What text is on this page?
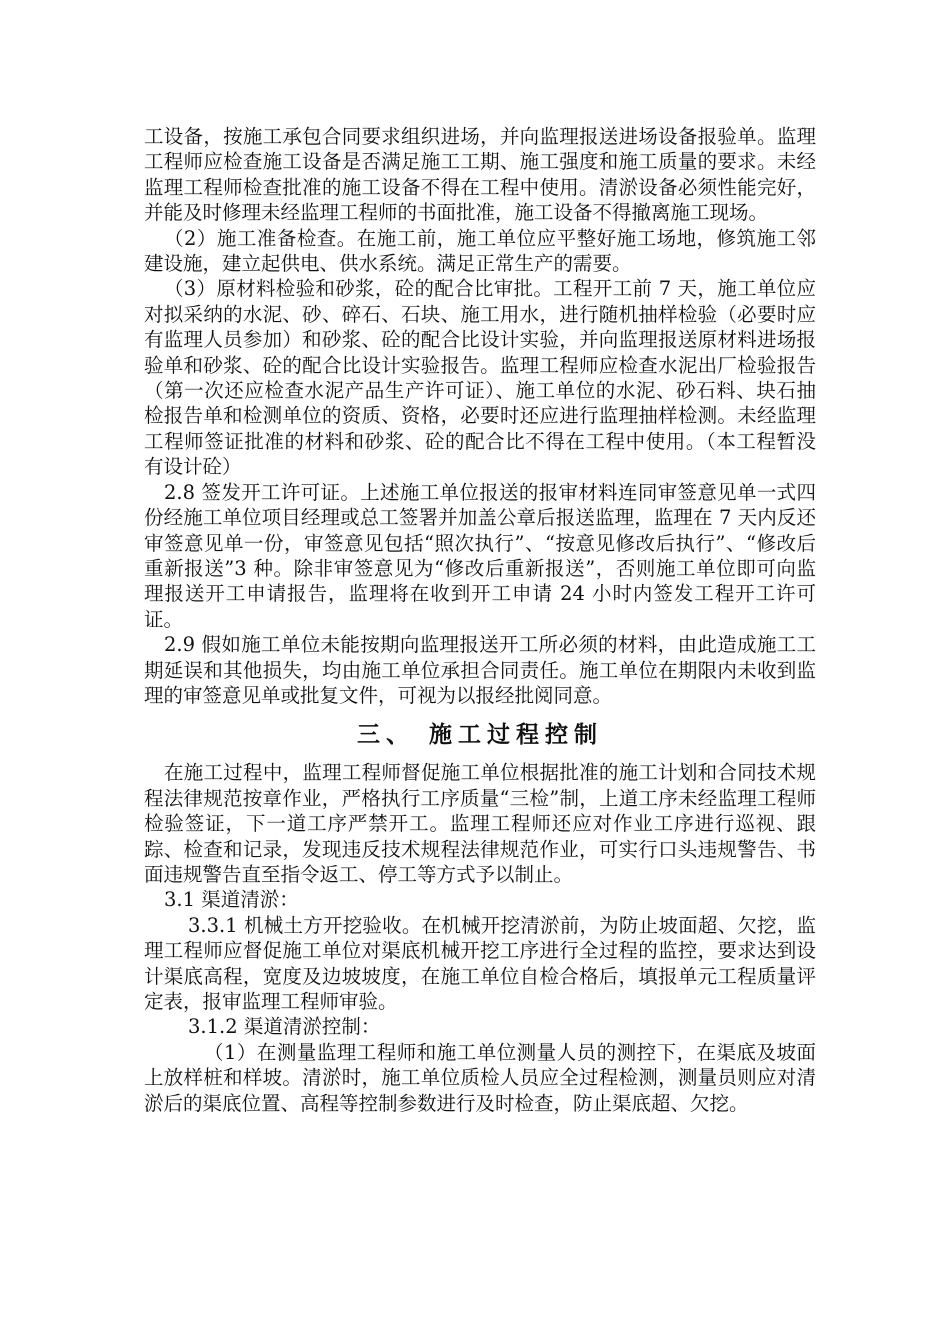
工设备，按施工承包合同要求组织进场，并向监理报送进场设备报验单。监理工程师应检查施工设备是否满足施工工期、施工强度和施工质量的要求。未经监理工程师检查批准的施工设备不得在工程中使用。清淤设备必须性能完好，并能及时修理未经监理工程师的书面批准，施工设备不得撤离施工现场。

（2）施工准备检查。在施工前，施工单位应平整好施工场地，修筑施工邻建设施，建立起供电、供水系统。满足正常生产的需要。

（3）原材料检验和砂浆，砼的配合比审批。工程开工前 7 天，施工单位应对拟采纳的水泥、砂、碎石、石块、施工用水，进行随机抽样检验（必要时应有监理人员参加）和砂浆、砼的配合比设计实验，并向监理报送原材料进场报验单和砂浆、砼的配合比设计实验报告。监理工程师应检查水泥出厂检验报告（第一次还应检查水泥产品生产许可证）、施工单位的水泥、砂石料、块石抽检报告单和检测单位的资质、资格，必要时还应进行监理抽样检测。未经监理工程师签证批准的材料和砂浆、砼的配合比不得在工程中使用。（本工程暂没有设计砼）

2.8 签发开工许可证。上述施工单位报送的报审材料连同审签意见单一式四份经施工单位项目经理或总工签署并加盖公章后报送监理，监理在 7 天内反还审签意见单一份，审签意见包括“照次执行”、“按意见修改后执行”、“修改后重新报送”3 种。除非审签意见为“修改后重新报送”，否则施工单位即可向监理报送开工申请报告，监理将在收到开工申请 24 小时内签发工程开工许可证。

2.9 假如施工单位未能按期向监理报送开工所必须的材料，由此造成施工工期延误和其他损失，均由施工单位承担合同责任。施工单位在期限内未收到监理的审签意见单或批复文件，可视为以报经批阅同意。

三、 施工过程控制

在施工过程中，监理工程师督促施工单位根据批准的施工计划和合同技术规程法律规范按章作业，严格执行工序质量“三检”制，上道工序未经监理工程师检验签证，下一道工序严禁开工。监理工程师还应对作业工序进行巡视、跟踪、检查和记录，发现违反技术规程法律规范作业，可实行口头违规警告、书面违规警告直至指令返工、停工等方式予以制止。

3.1 渠道清淤：

3.3.1 机械土方开挖验收。在机械开挖清淤前，为防止坡面超、欠挖，监理工程师应督促施工单位对渠底机械开挖工序进行全过程的监控，要求达到设计渠底高程，宽度及边坡坡度，在施工单位自检合格后，填报单元工程质量评定表，报审监理工程师审验。

3.1.2 渠道清淤控制：

（1）在测量监理工程师和施工单位测量人员的测控下，在渠底及坡面上放样桩和样坡。清淤时，施工单位质检人员应全过程检测，测量员则应对清淤后的渠底位置、高程等控制参数进行及时检查，防止渠底超、欠挖。
